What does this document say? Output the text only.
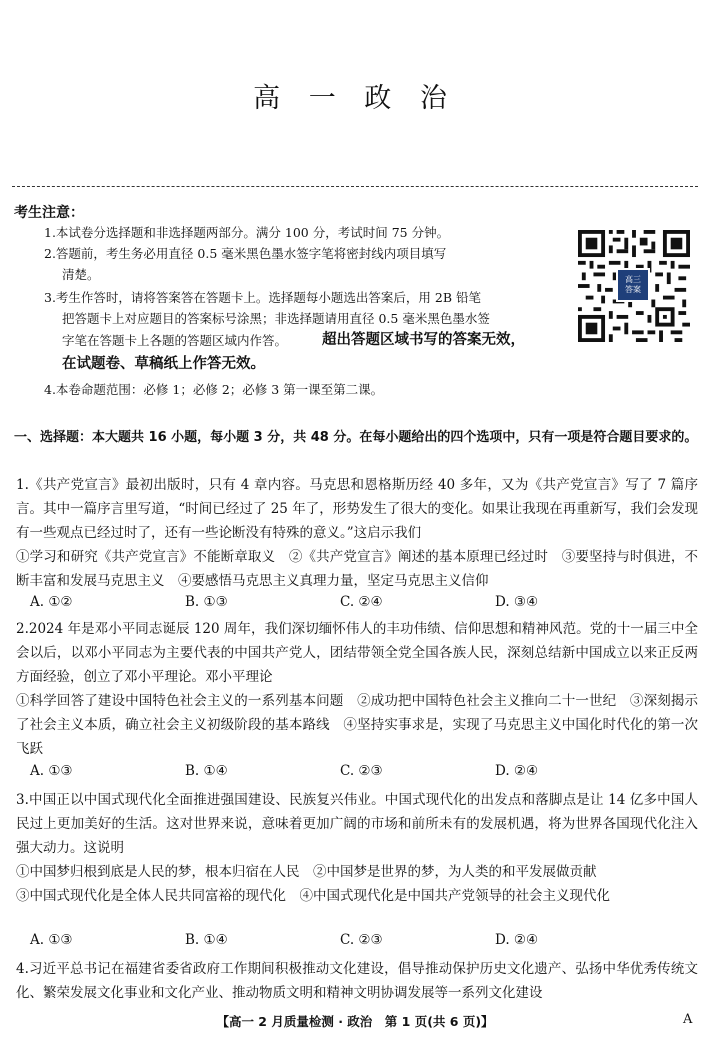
高 一 政 治
考生注意：
1.本试卷分选择题和非选择题两部分。满分 100 分，考试时间 75 分钟。
2.答题前，考生务必用直径 0.5 毫米黑色墨水签字笔将密封线内项目填写
清楚。
3.考生作答时，请将答案答在答题卡上。选择题每小题选出答案后，用 2B 铅笔
把答题卡上对应题目的答案标号涂黑；非选择题请用直径 0.5 毫米黑色墨水签
字笔在答题卡上各题的答题区域内作答。	超出答题区域书写的答案无效，
在试题卷、草稿纸上作答无效。
4.本卷命题范围：必修 1；必修 2；必修 3 第一课至第二课。
高三
答案
一、选择题：本大题共 16 小题，每小题 3 分，共 48 分。在每小题给出的四个选项中，只有一项是符合题目要求的。

1.《共产党宣言》最初出版时，只有 4 章内容。马克思和恩格斯历经 40 多年，又为《共产党宣言》写了 7 篇序言。其中一篇序言里写道，“时间已经过了 25 年了，形势发生了很大的变化。如果让我现在再重新写，我们会发现有一些观点已经过时了，还有一些论断没有特殊的意义。”这启示我们

①学习和研究《共产党宣言》不能断章取义　②《共产党宣言》阐述的基本原理已经过时　③要坚持与时俱进，不断丰富和发展马克思主义　④要感悟马克思主义真理力量，坚定马克思主义信仰

A. ①②	B. ①③	C. ②④	D. ③④

2.2024 年是邓小平同志诞辰 120 周年，我们深切缅怀伟人的丰功伟绩、信仰思想和精神风范。党的十一届三中全会以后，以邓小平同志为主要代表的中国共产党人，团结带领全党全国各族人民，深刻总结新中国成立以来正反两方面经验，创立了邓小平理论。邓小平理论

①科学回答了建设中国特色社会主义的一系列基本问题　②成功把中国特色社会主义推向二十一世纪　③深刻揭示了社会主义本质，确立社会主义初级阶段的基本路线　④坚持实事求是，实现了马克思主义中国化时代化的第一次飞跃

A. ①③	B. ①④	C. ②③	D. ②④

3.中国正以中国式现代化全面推进强国建设、民族复兴伟业。中国式现代化的出发点和落脚点是让 14 亿多中国人民过上更加美好的生活。这对世界来说，意味着更加广阔的市场和前所未有的发展机遇，将为世界各国现代化注入强大动力。这说明

①中国梦归根到底是人民的梦，根本归宿在人民　②中国梦是世界的梦，为人类的和平发展做贡献

③中国式现代化是全体人民共同富裕的现代化　④中国式现代化是中国共产党领导的社会主义现代化

A. ①③	B. ①④	C. ②③	D. ②④

4.习近平总书记在福建省委省政府工作期间积极推动文化建设，倡导推动保护历史文化遗产、弘扬中华优秀传统文化、繁荣发展文化事业和文化产业、推动物质文明和精神文明协调发展等一系列文化建设

【高一 2 月质量检测 · 政治　第 1 页(共 6 页)】	A
